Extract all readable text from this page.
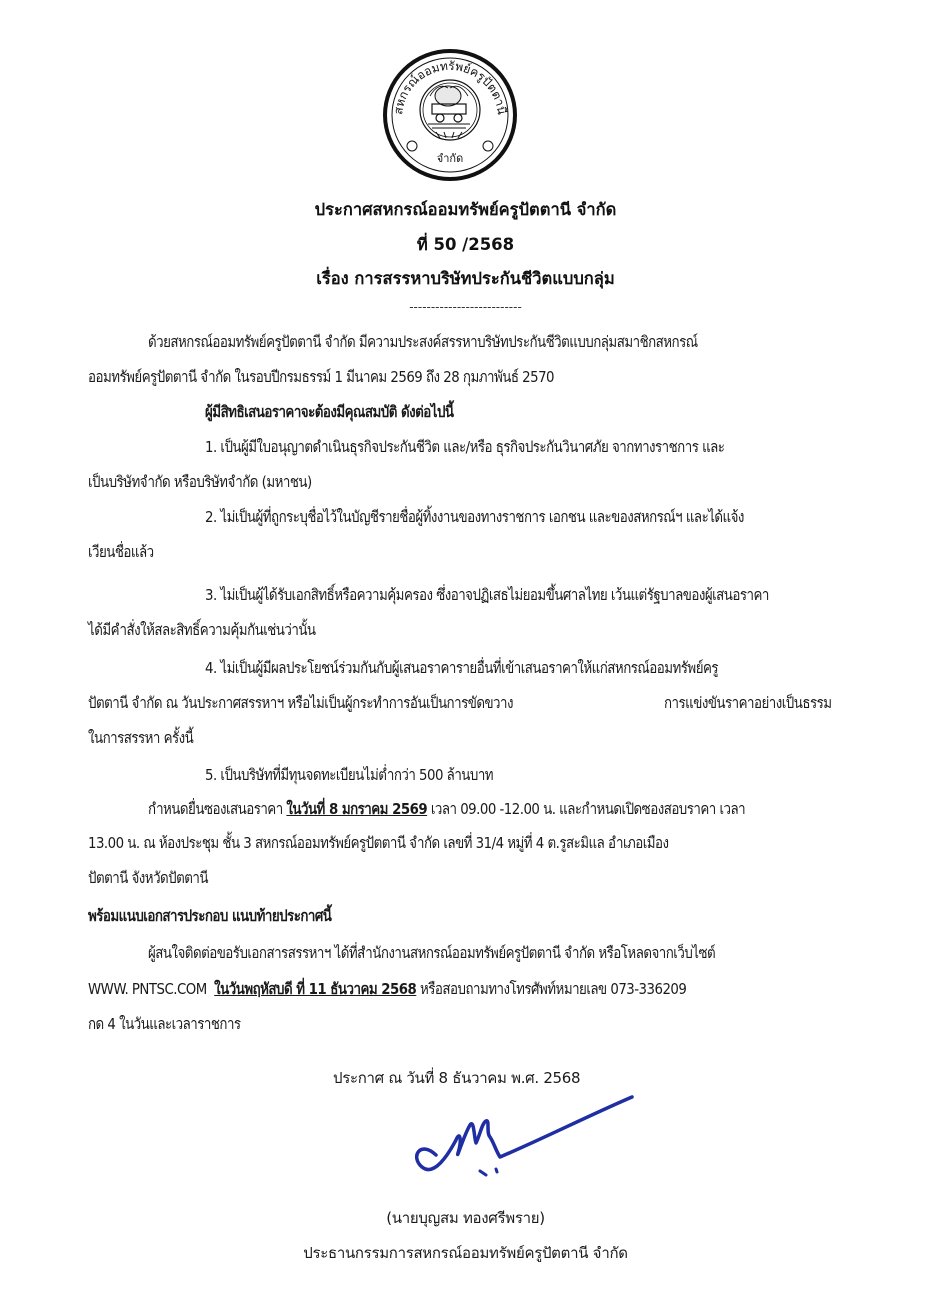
สหกรณ์ออมทรัพย์ครูปัตตานี
จำกัด
ประกาศสหกรณ์ออมทรัพย์ครูปัตตานี จำกัด
ที่ 50 /2568
เรื่อง การสรรหาบริษัทประกันชีวิตแบบกลุ่ม
--------------------------
ด้วยสหกรณ์ออมทรัพย์ครูปัตตานี จำกัด มีความประสงค์สรรหาบริษัทประกันชีวิตแบบกลุ่มสมาชิกสหกรณ์
ออมทรัพย์ครูปัตตานี จำกัด ในรอบปีกรมธรรม์ 1 มีนาคม 2569 ถึง 28 กุมภาพันธ์ 2570
ผู้มีสิทธิเสนอราคาจะต้องมีคุณสมบัติ ดังต่อไปนี้
1. เป็นผู้มีใบอนุญาตดำเนินธุรกิจประกันชีวิต และ/หรือ ธุรกิจประกันวินาศภัย จากทางราชการ และ
เป็นบริษัทจำกัด หรือบริษัทจำกัด (มหาชน)
2. ไม่เป็นผู้ที่ถูกระบุชื่อไว้ในบัญชีรายชื่อผู้ทิ้งงานของทางราชการ เอกชน และของสหกรณ์ฯ และได้แจ้ง
เวียนชื่อแล้ว
3. ไม่เป็นผู้ได้รับเอกสิทธิ์หรือความคุ้มครอง ซึ่งอาจปฏิเสธไม่ยอมขึ้นศาลไทย เว้นแต่รัฐบาลของผู้เสนอราคา
ได้มีคำสั่งให้สละสิทธิ์ความคุ้มกันเช่นว่านั้น
4. ไม่เป็นผู้มีผลประโยชน์ร่วมกันกับผู้เสนอราคารายอื่นที่เข้าเสนอราคาให้แก่สหกรณ์ออมทรัพย์ครู
ปัตตานี จำกัด ณ วันประกาศสรรหาฯ หรือไม่เป็นผู้กระทำการอันเป็นการขัดขวาง	การแข่งขันราคาอย่างเป็นธรรม
ในการสรรหา ครั้งนี้
5. เป็นบริษัทที่มีทุนจดทะเบียนไม่ต่ำกว่า 500 ล้านบาท
กำหนดยื่นซองเสนอราคา ในวันที่ 8 มกราคม 2569 เวลา 09.00 -12.00 น. และกำหนดเปิดซองสอบราคา เวลา
13.00 น. ณ ห้องประชุม ชั้น 3 สหกรณ์ออมทรัพย์ครูปัตตานี จำกัด เลขที่ 31/4 หมู่ที่ 4 ต.รูสะมิแล อำเภอเมือง
ปัตตานี จังหวัดปัตตานี
พร้อมแนบเอกสารประกอบ แนบท้ายประกาศนี้
ผู้สนใจติดต่อขอรับเอกสารสรรหาฯ ได้ที่สำนักงานสหกรณ์ออมทรัพย์ครูปัตตานี จำกัด หรือโหลดจากเว็บไซต์
WWW. PNTSC.COM ในวันพฤหัสบดี ที่ 11 ธันวาคม 2568 หรือสอบถามทางโทรศัพท์หมายเลข 073-336209
กด 4 ในวันและเวลาราชการ
ประกาศ ณ วันที่ 8 ธันวาคม พ.ศ. 2568
(นายบุญสม ทองศรีพราย)
ประธานกรรมการสหกรณ์ออมทรัพย์ครูปัตตานี จำกัด
